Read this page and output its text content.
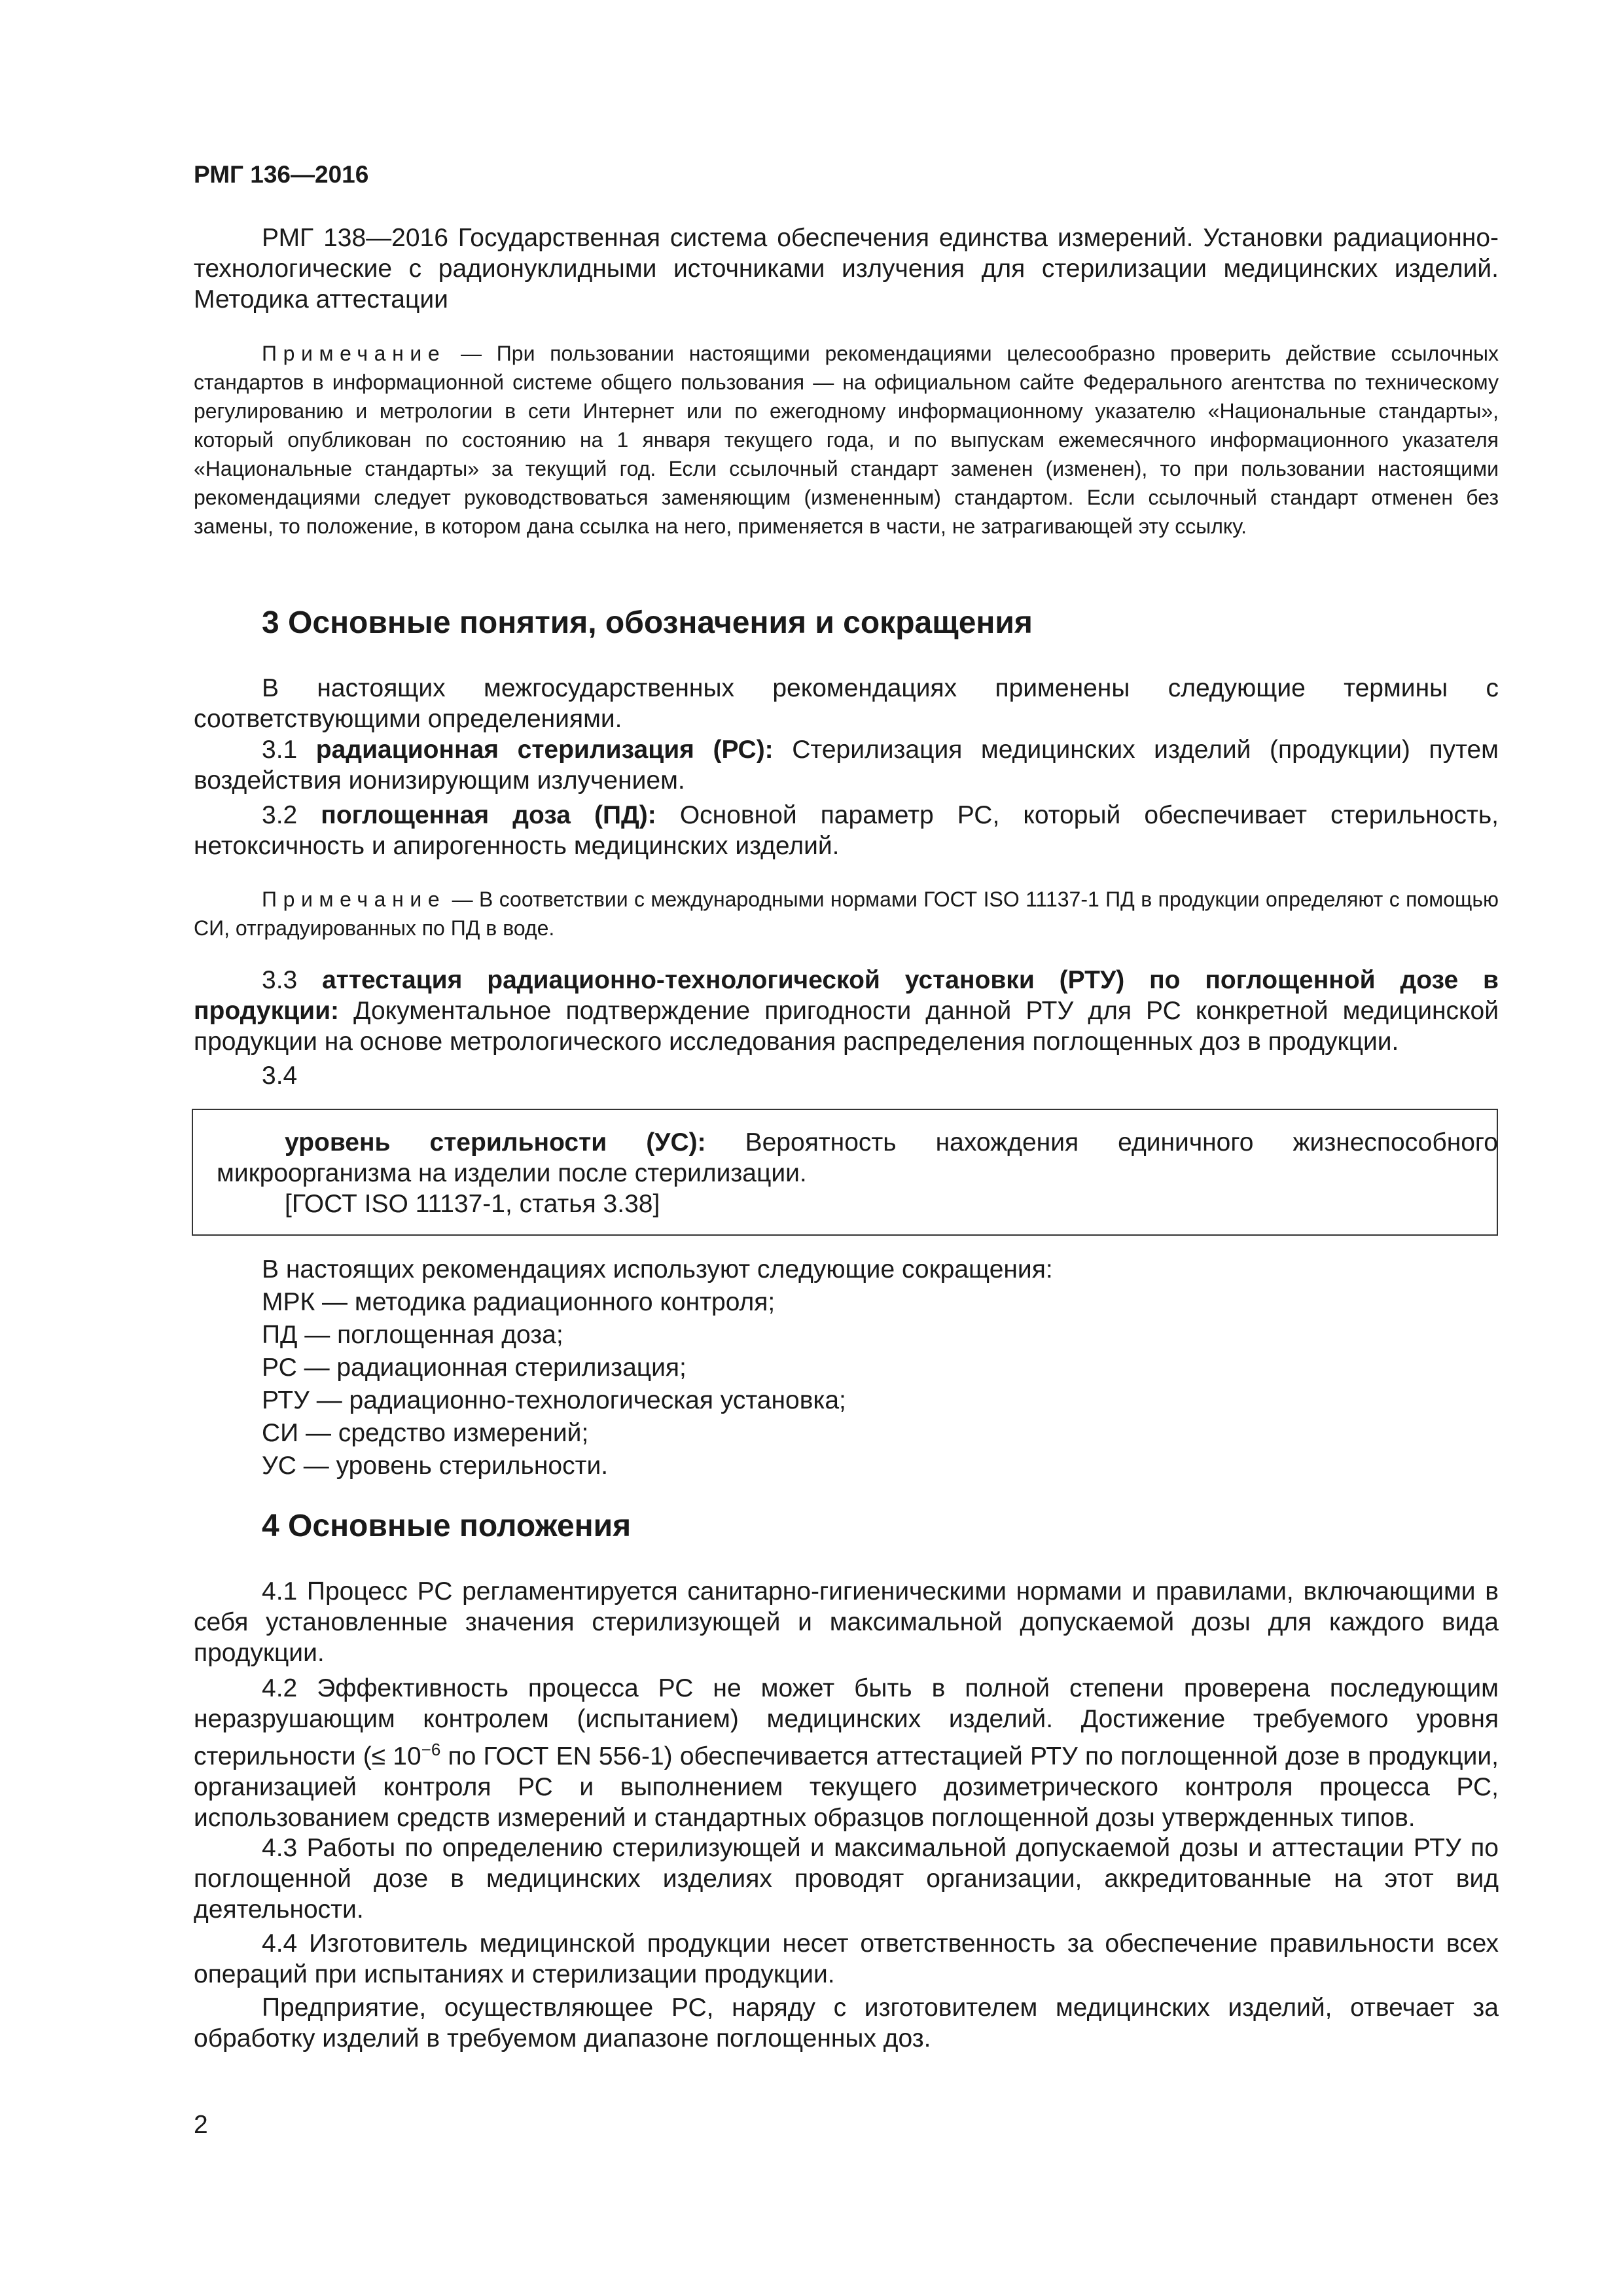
РМГ 136—2016

РМГ 138—2016 Государственная система обеспечения единства измерений. Установки радиационно-технологические с радионуклидными источниками излучения для стерилизации медицинских изделий. Методика аттестации

Примечание — При пользовании настоящими рекомендациями целесообразно проверить действие ссылочных стандартов в информационной системе общего пользования — на официальном сайте Федерального агентства по техническому регулированию и метрологии в сети Интернет или по ежегодному информационному указателю «Национальные стандарты», который опубликован по состоянию на 1 января текущего года, и по выпускам ежемесячного информационного указателя «Национальные стандарты» за текущий год. Если ссылочный стандарт заменен (изменен), то при пользовании настоящими рекомендациями следует руководствоваться заменяющим (измененным) стандартом. Если ссылочный стандарт отменен без замены, то положение, в котором дана ссылка на него, применяется в части, не затрагивающей эту ссылку.

3 Основные понятия, обозначения и сокращения

В настоящих межгосударственных рекомендациях применены следующие термины с соответствующими определениями.

3.1 радиационная стерилизация (РС): Стерилизация медицинских изделий (продукции) путем воздействия ионизирующим излучением.

3.2 поглощенная доза (ПД): Основной параметр РС, который обеспечивает стерильность, нетоксичность и апирогенность медицинских изделий.

Примечание — В соответствии с международными нормами ГОСТ ISO 11137-1 ПД в продукции определяют с помощью СИ, отградуированных по ПД в воде.

3.3 аттестация радиационно-технологической установки (РТУ) по поглощенной дозе в продукции: Документальное подтверждение пригодности данной РТУ для РС конкретной медицинской продукции на основе метрологического исследования распределения поглощенных доз в продукции.

3.4

уровень стерильности (УС): Вероятность нахождения единичного жизнеспособного микроорганизма на изделии после стерилизации.

[ГОСТ ISO 11137-1, статья 3.38]

В настоящих рекомендациях используют следующие сокращения:

МРК — методика радиационного контроля;

ПД — поглощенная доза;

РС — радиационная стерилизация;

РТУ — радиационно-технологическая установка;

СИ — средство измерений;

УС — уровень стерильности.

4 Основные положения

4.1 Процесс РС регламентируется санитарно-гигиеническими нормами и правилами, включающими в себя установленные значения стерилизующей и максимальной допускаемой дозы для каждого вида продукции.

4.2 Эффективность процесса РС не может быть в полной степени проверена последующим неразрушающим контролем (испытанием) медицинских изделий. Достижение требуемого уровня стерильности (≤ $10^{-6}$ по ГОСТ EN 556-1) обеспечивается аттестацией РТУ по поглощенной дозе в продукции, организацией контроля РС и выполнением текущего дозиметрического контроля процесса РС, использованием средств измерений и стандартных образцов поглощенной дозы утвержденных типов.

4.3 Работы по определению стерилизующей и максимальной допускаемой дозы и аттестации РТУ по поглощенной дозе в медицинских изделиях проводят организации, аккредитованные на этот вид деятельности.

4.4 Изготовитель медицинской продукции несет ответственность за обеспечение правильности всех операций при испытаниях и стерилизации продукции.

Предприятие, осуществляющее РС, наряду с изготовителем медицинских изделий, отвечает за обработку изделий в требуемом диапазоне поглощенных доз.

2
